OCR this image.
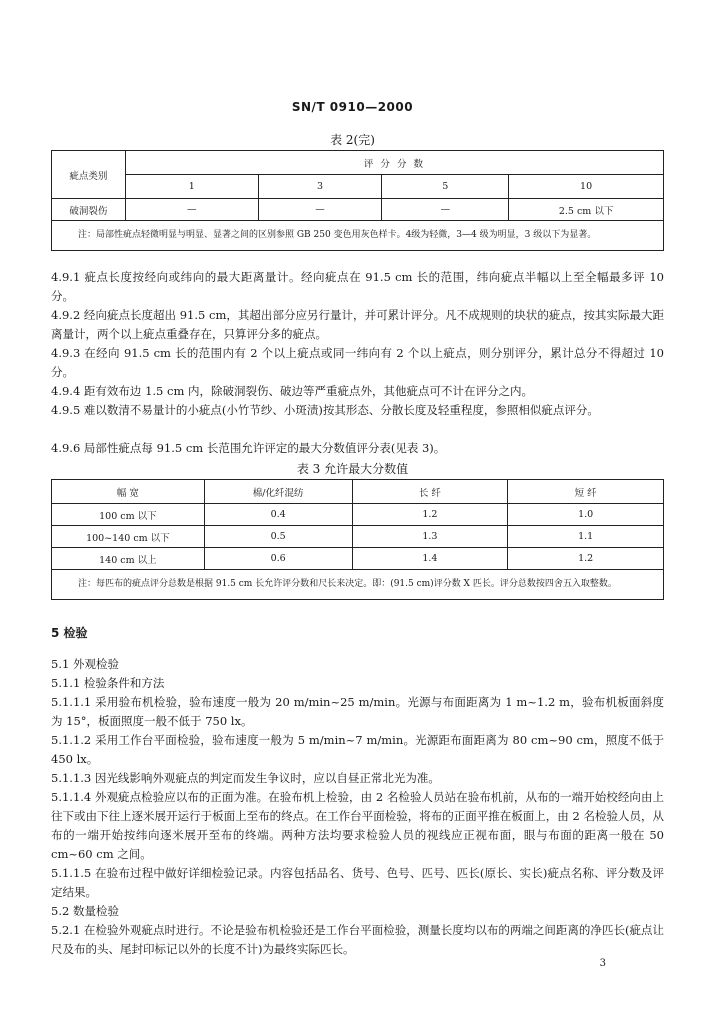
SN/T 0910—2000
表 2(完)
疵点类别	评 分 分 数			
	1	3	5	10
破洞裂伤	—	—	—	2.5 cm 以下
注：局部性疵点轻微明显与明显、显著之间的区别参照 GB 250 变色用灰色样卡。4级为轻微，3—4 级为明显，3 级以下为显著。				
4.9.1 疵点长度按经向或纬向的最大距离量计。经向疵点在 91.5 cm 长的范围，纬向疵点半幅以上至全幅最多评 10 分。
4.9.2 经向疵点长度超出 91.5 cm，其超出部分应另行量计，并可累计评分。凡不成规则的块状的疵点，按其实际最大距离量计，两个以上疵点重叠存在，只算评分多的疵点。
4.9.3 在经向 91.5 cm 长的范围内有 2 个以上疵点或同一纬向有 2 个以上疵点，则分别评分，累计总分不得超过 10 分。
4.9.4 距有效布边 1.5 cm 内，除破洞裂伤、破边等严重疵点外，其他疵点可不计在评分之内。
4.9.5 难以数清不易量计的小疵点(小竹节纱、小斑渍)按其形态、分散长度及轻重程度，参照相似疵点评分。
4.9.6 局部性疵点每 91.5 cm 长范围允许评定的最大分数值评分表(见表 3)。
表 3 允许最大分数值
幅 宽	棉/化纤混纺	长 纤	短 纤
100 cm 以下	0.4	1.2	1.0
100~140 cm 以下	0.5	1.3	1.1
140 cm 以上	0.6	1.4	1.2
注：每匹布的疵点评分总数是根据 91.5 cm 长允许评分数和尺长来决定。即：(91.5 cm)评分数 X 匹长。评分总数按四舍五入取整数。			
5 检验
5.1 外观检验
5.1.1 检验条件和方法
5.1.1.1 采用验布机检验，验布速度一般为 20 m/min~25 m/min。光源与布面距离为 1 m~1.2 m，验布机板面斜度为 15°，板面照度一般不低于 750 lx。
5.1.1.2 采用工作台平面检验，验布速度一般为 5 m/min~7 m/min。光源距布面距离为 80 cm~90 cm，照度不低于 450 lx。
5.1.1.3 因光线影响外观疵点的判定而发生争议时，应以自昼正常北光为准。
5.1.1.4 外观疵点检验应以布的正面为准。在验布机上检验，由 2 名检验人员站在验布机前，从布的一端开始校经向由上往下或由下往上逐米展开运行于板面上至布的终点。在工作台平面检验，将布的正面平推在板面上，由 2 名检验人员，从布的一端开始按纬向逐米展开至布的终端。两种方法均要求检验人员的视线应正视布面，眼与布面的距离一般在 50 cm~60 cm 之间。
5.1.1.5 在验布过程中做好详细检验记录。内容包括品名、货号、色号、匹号、匹长(原长、实长)疵点名称、评分数及评定结果。
5.2 数量检验
5.2.1 在检验外观疵点时进行。不论是验布机检验还是工作台平面检验，测量长度均以布的两端之间距离的净匹长(疵点让尺及布的头、尾封印标记以外的长度不计)为最终实际匹长。
3
